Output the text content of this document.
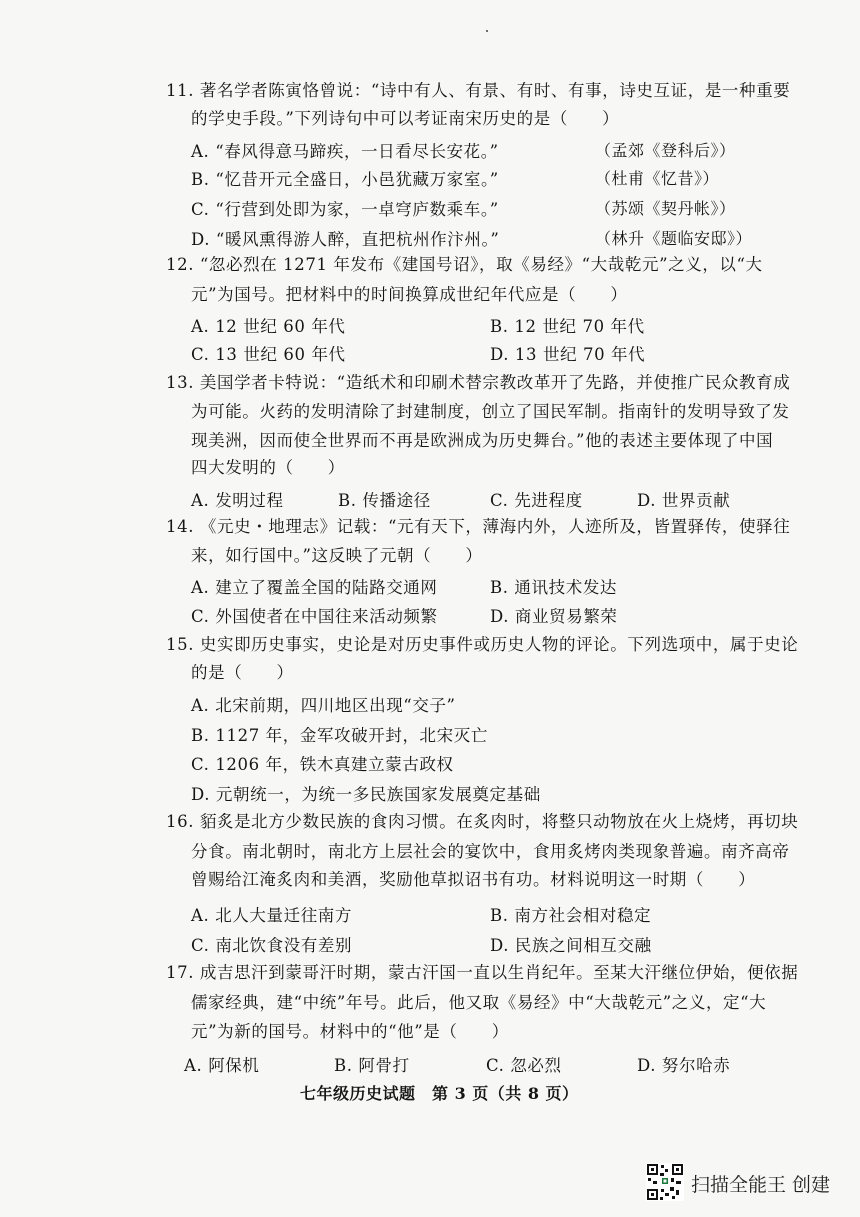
11. 著名学者陈寅恪曾说：“诗中有人、有景、有时、有事，诗史互证，是一种重要
的学史手段。”下列诗句中可以考证南宋历史的是（　　）
A. “春风得意马蹄疾，一日看尽长安花。”	（孟郊《登科后》）
B. “忆昔开元全盛日，小邑犹藏万家室。”	（杜甫《忆昔》）
C. “行营到处即为家，一卓穹庐数乘车。”	（苏颂《契丹帐》）
D. “暖风熏得游人醉，直把杭州作汴州。”	（林升《题临安邸》）
12. “忽必烈在 1271 年发布《建国号诏》，取《易经》“大哉乾元”之义，以“大
元”为国号。把材料中的时间换算成世纪年代应是（　　）
A. 12 世纪 60 年代	B. 12 世纪 70 年代
C. 13 世纪 60 年代	D. 13 世纪 70 年代
13. 美国学者卡特说：“造纸术和印刷术替宗教改革开了先路，并使推广民众教育成
为可能。火药的发明清除了封建制度，创立了国民军制。指南针的发明导致了发
现美洲，因而使全世界而不再是欧洲成为历史舞台。”他的表述主要体现了中国
四大发明的（　　）
A. 发明过程	B. 传播途径	C. 先进程度	D. 世界贡献
14. 《元史・地理志》记载：“元有天下，薄海内外，人迹所及，皆置驿传，使驿往
来，如行国中。”这反映了元朝（　　）
A. 建立了覆盖全国的陆路交通网	B. 通讯技术发达
C. 外国使者在中国往来活动频繁	D. 商业贸易繁荣
15. 史实即历史事实，史论是对历史事件或历史人物的评论。下列选项中，属于史论
的是（　　）
A. 北宋前期，四川地区出现“交子”
B. 1127 年，金军攻破开封，北宋灭亡
C. 1206 年，铁木真建立蒙古政权
D. 元朝统一，为统一多民族国家发展奠定基础
16. 貊炙是北方少数民族的食肉习惯。在炙肉时，将整只动物放在火上烧烤，再切块
分食。南北朝时，南北方上层社会的宴饮中，食用炙烤肉类现象普遍。南齐高帝
曾赐给江淹炙肉和美酒，奖励他草拟诏书有功。材料说明这一时期（　　）
A. 北人大量迁往南方	B. 南方社会相对稳定
C. 南北饮食没有差别	D. 民族之间相互交融
17. 成吉思汗到蒙哥汗时期，蒙古汗国一直以生肖纪年。至某大汗继位伊始，便依据
儒家经典，建“中统”年号。此后，他又取《易经》中“大哉乾元”之义，定“大
元”为新的国号。材料中的“他”是（　　）
A. 阿保机	B. 阿骨打	C. 忽必烈	D. 努尔哈赤
七年级历史试题　第 3 页（共 8 页）
扫描全能王 创建
